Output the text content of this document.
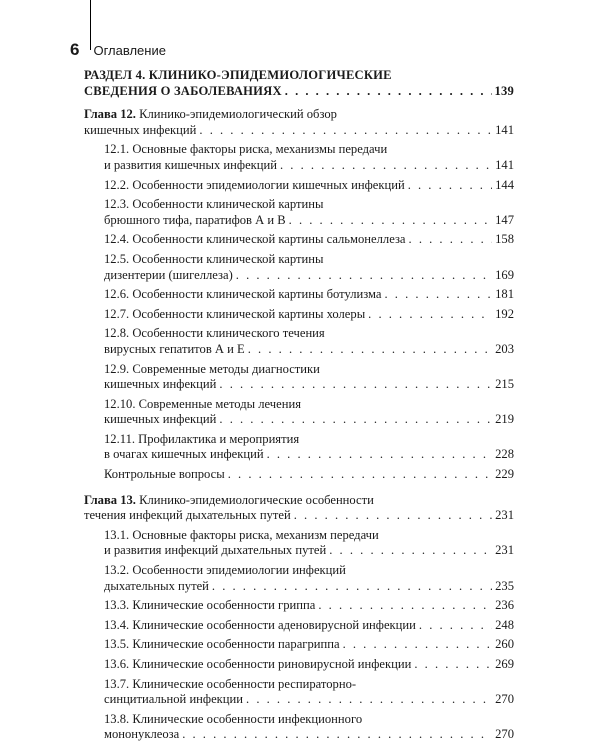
6 Оглавление
РАЗДЕЛ 4. КЛИНИКО-ЭПИДЕМИОЛОГИЧЕСКИЕ
СВЕДЕНИЯ О ЗАБОЛЕВАНИЯХ . . .	139
Глава 12. Клинико-эпидемиологический обзор
кишечных инфекций . . .	141
12.1. Основные факторы риска, механизмы передачи
и развития кишечных инфекций . . .	141
12.2. Особенности эпидемиологии кишечных инфекций . . .	144
12.3. Особенности клинической картины
брюшного тифа, паратифов А и В . . .	147
12.4. Особенности клинической картины сальмонеллеза . . .	158
12.5. Особенности клинической картины
дизентерии (шигеллеза) . . .	169
12.6. Особенности клинической картины ботулизма . . .	181
12.7. Особенности клинической картины холеры . . .	192
12.8. Особенности клинического течения
вирусных гепатитов А и Е . . .	203
12.9. Современные методы диагностики
кишечных инфекций . . .	215
12.10. Современные методы лечения
кишечных инфекций . . .	219
12.11. Профилактика и мероприятия
в очагах кишечных инфекций . . .	228
Контрольные вопросы . . .	229
Глава 13. Клинико-эпидемиологические особенности
течения инфекций дыхательных путей . . .	231
13.1. Основные факторы риска, механизм передачи
и развития инфекций дыхательных путей . . .	231
13.2. Особенности эпидемиологии инфекций
дыхательных путей . . .	235
13.3. Клинические особенности гриппа . . .	236
13.4. Клинические особенности аденовирусной инфекции . . .	248
13.5. Клинические особенности парагриппа . . .	260
13.6. Клинические особенности риновирусной инфекции . . .	269
13.7. Клинические особенности респираторно-
синцитиальной инфекции . . .	270
13.8. Клинические особенности инфекционного
мононуклеоза . . .	270
